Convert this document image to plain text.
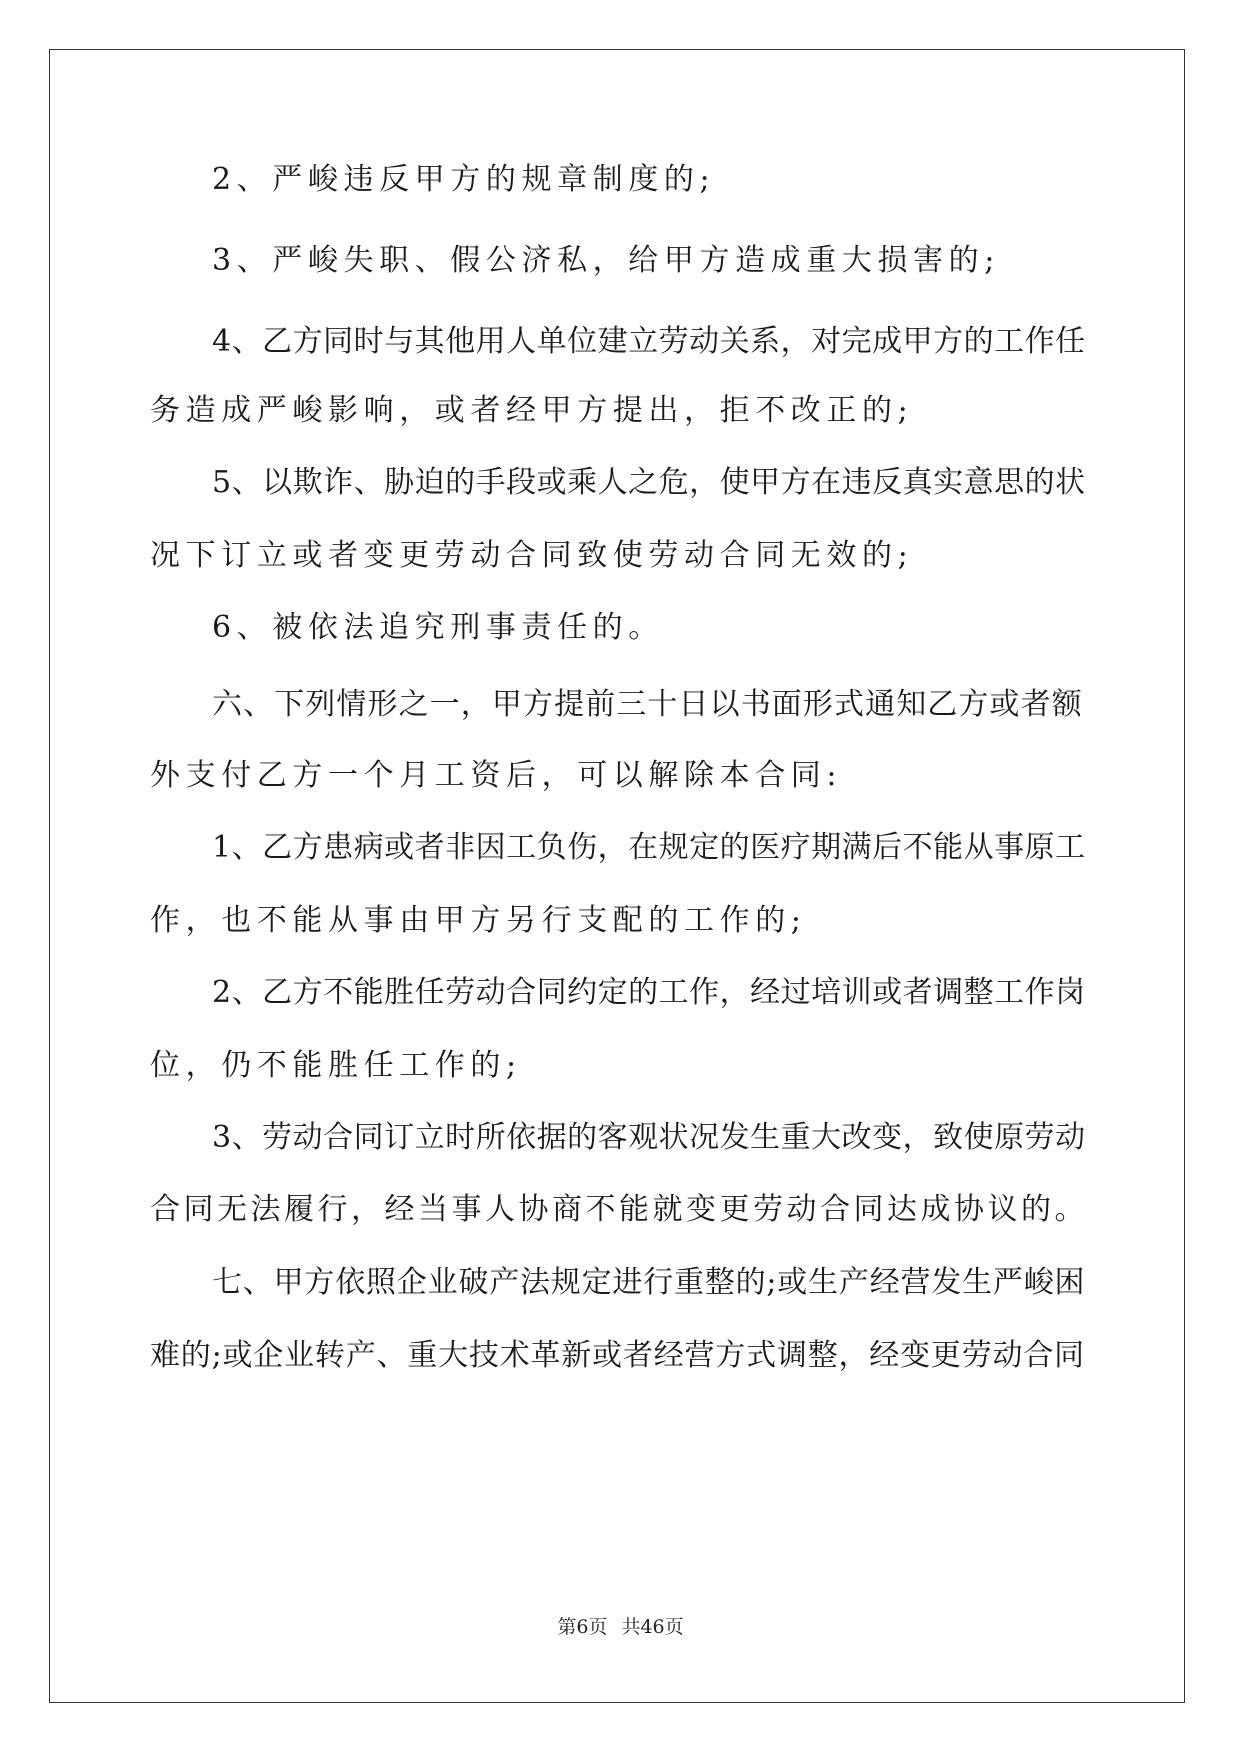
2、严峻违反甲方的规章制度的;
3、严峻失职、假公济私，给甲方造成重大损害的;
4、乙方同时与其他用人单位建立劳动关系，对完成甲方的工作任
务造成严峻影响，或者经甲方提出，拒不改正的;
5、以欺诈、胁迫的手段或乘人之危，使甲方在违反真实意思的状
况下订立或者变更劳动合同致使劳动合同无效的;
6、被依法追究刑事责任的。
六、下列情形之一，甲方提前三十日以书面形式通知乙方或者额
外支付乙方一个月工资后，可以解除本合同:
1、乙方患病或者非因工负伤，在规定的医疗期满后不能从事原工
作，也不能从事由甲方另行支配的工作的;
2、乙方不能胜任劳动合同约定的工作，经过培训或者调整工作岗
位，仍不能胜任工作的;
3、劳动合同订立时所依据的客观状况发生重大改变，致使原劳动
合同无法履行，经当事人协商不能就变更劳动合同达成协议的。
七、甲方依照企业破产法规定进行重整的;或生产经营发生严峻困
难的;或企业转产、重大技术革新或者经营方式调整，经变更劳动合同
第6页 共46页
